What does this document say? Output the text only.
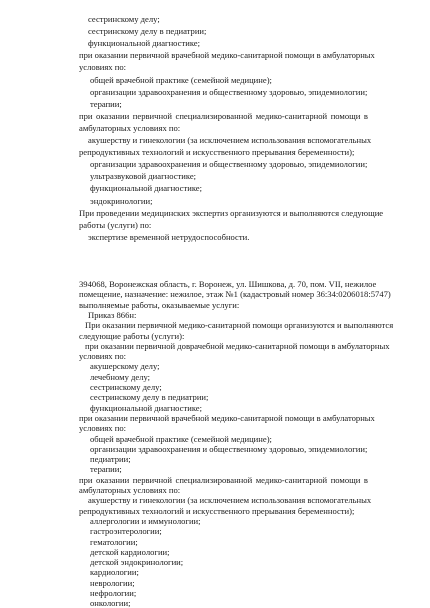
сестринскому делу;

сестринскому делу в педиатрии;

функциональной диагностике;

при оказании первичной врачебной медико-санитарной помощи в амбулаторных

условиях по:

общей врачебной практике (семейной медицине);

организации здравоохранения и общественному здоровью, эпидемиологии;

терапии;

при оказании первичной специализированной медико-санитарной помощи в

амбулаторных условиях по:

акушерству и гинекологии (за исключением использования вспомогательных

репродуктивных технологий и искусственного прерывания беременности);

организации здравоохранения и общественному здоровью, эпидемиологии;

ультразвуковой диагностике;

функциональной диагностике;

эндокринологии;

При проведении медицинских экспертиз организуются и выполняются следующие

работы (услуги) по:

экспертизе временной нетрудоспособности.

394068, Воронежская область, г. Воронеж, ул. Шишкова, д. 70, пом. VII, нежилое

помещение, назначение: нежилое, этаж №1 (кадастровый номер 36:34:0206018:5747)

выполняемые работы, оказываемые услуги:

Приказ 866н:

При оказании первичной медико-санитарной помощи организуются и выполняются

следующие работы (услуги):

при оказании первичной доврачебной медико-санитарной помощи в амбулаторных

условиях по:

акушерскому делу;

лечебному делу;

сестринскому делу;

сестринскому делу в педиатрии;

функциональной диагностике;

при оказании первичной врачебной медико-санитарной помощи в амбулаторных

условиях по:

общей врачебной практике (семейной медицине);

организации здравоохранения и общественному здоровью, эпидемиологии;

педиатрии;

терапии;

при оказании первичной специализированной медико-санитарной помощи в

амбулаторных условиях по:

акушерству и гинекологии (за исключением использования вспомогательных

репродуктивных технологий и искусственного прерывания беременности);

аллергологии и иммунологии;

гастроэнтерологии;

гематологии;

детской кардиологии;

детской эндокринологии;

кардиологии;

неврологии;

нефрологии;

онкологии;
